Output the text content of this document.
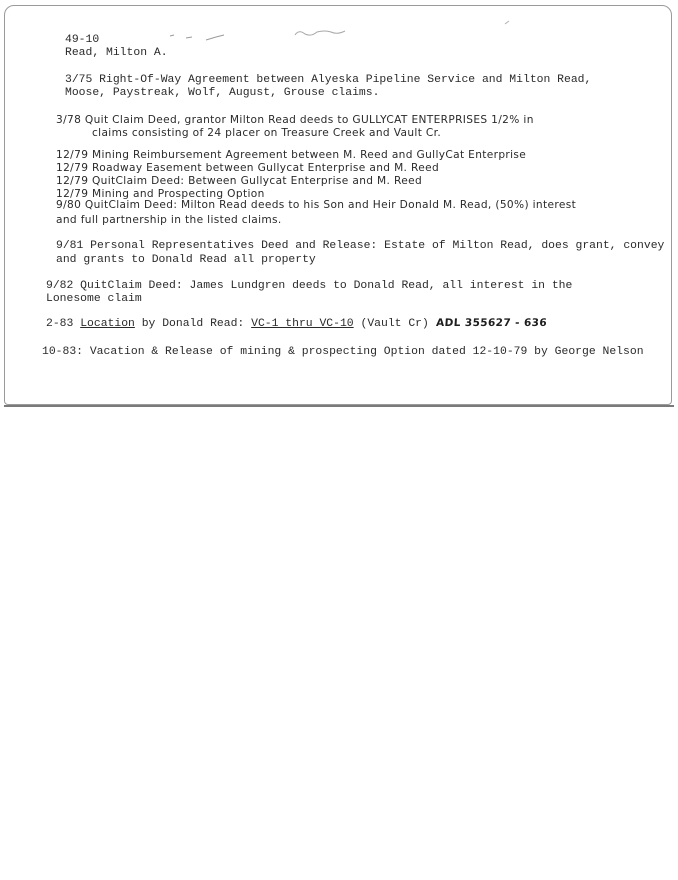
49-10
Read, Milton A.
3/75 Right-Of-Way Agreement between Alyeska Pipeline Service and Milton Read,
Moose, Paystreak, Wolf, August, Grouse claims.
3/78 Quit Claim Deed, grantor Milton Read deeds to GULLYCAT ENTERPRISES 1/2% in
claims consisting of 24 placer on Treasure Creek and Vault Cr.
12/79 Mining Reimbursement Agreement between M. Reed and GullyCat Enterprise
12/79 Roadway Easement between Gullycat Enterprise and M. Reed
12/79 QuitClaim Deed: Between Gullycat Enterprise and M. Reed
12/79 Mining and Prospecting Option
9/80 QuitClaim Deed: Milton Read deeds to his Son and Heir Donald M. Read, (50%) interest
and full partnership in the listed claims.
9/81 Personal Representatives Deed and Release: Estate of Milton Read, does grant, convey
and grants to Donald Read all property
9/82 QuitClaim Deed: James Lundgren deeds to Donald Read, all interest in the
Lonesome claim
2-83 Location by Donald Read: VC-1 thru VC-10 (Vault Cr) ADL 355627 - 636
10-83: Vacation & Release of mining & prospecting Option dated 12-10-79 by George Nelson
